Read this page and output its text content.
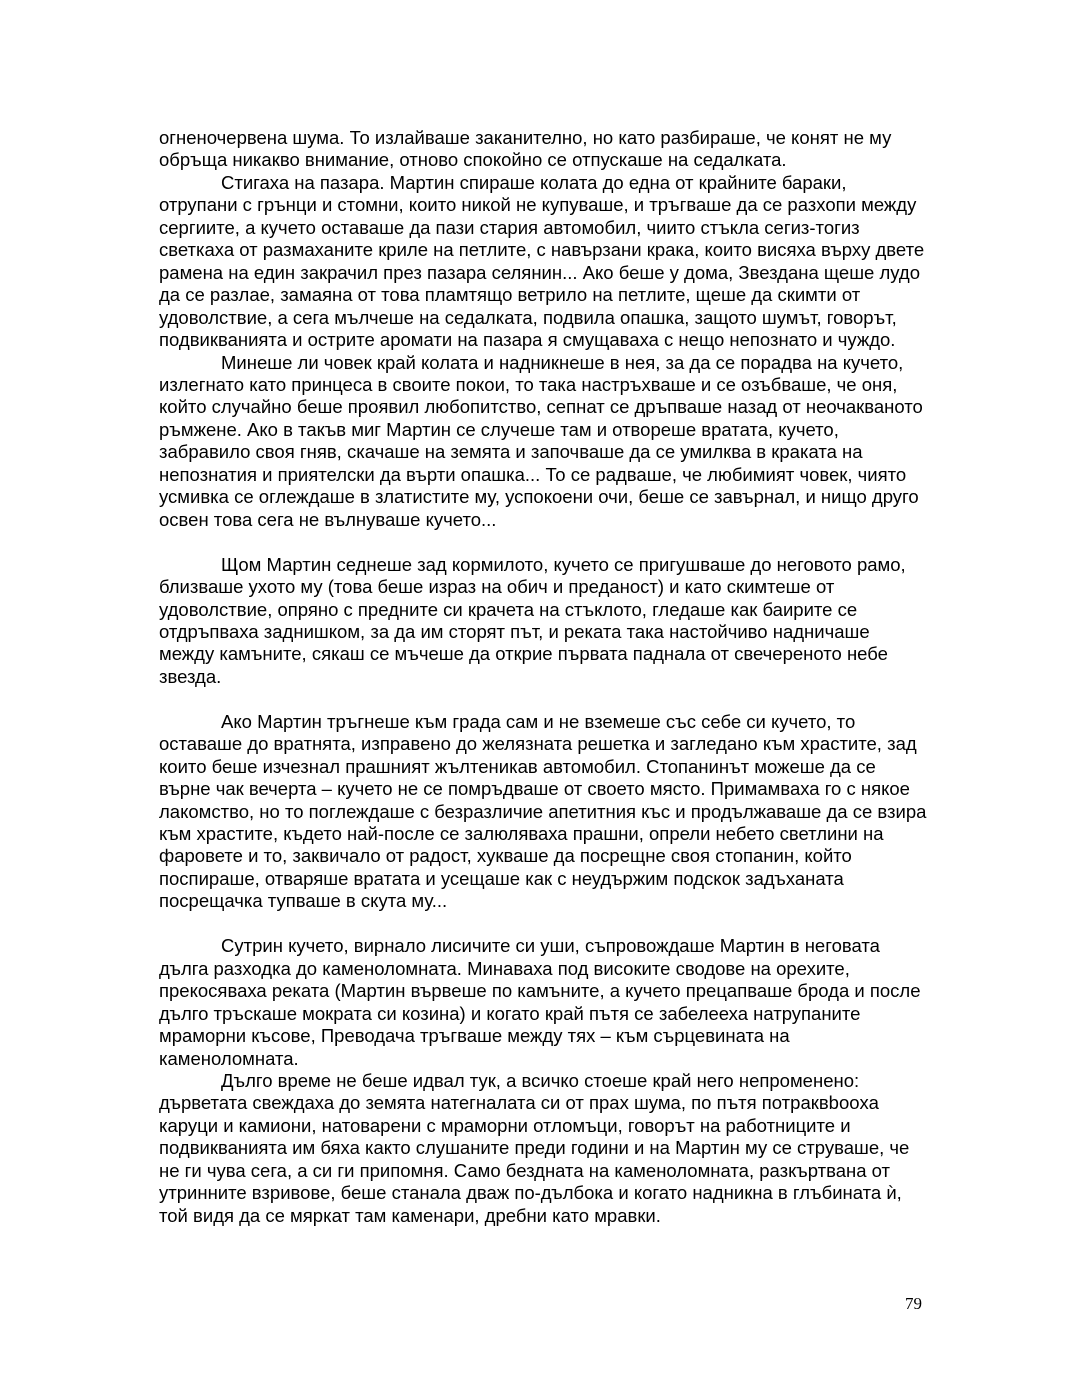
огненочервена шума. То излайваше заканително, но като разбираше, че конят не му обръща никакво внимание, отново спокойно се отпускаше на седалката.

Стигаха на пазара. Мартин спираше колата до една от крайните бараки, отрупани с грънци и стомни, които никой не купуваше, и тръгваше да се разхопи между сергиите, а кучето оставаше да пази стария автомобил, чиито стъкла сегиз-тогиз светкаха от размаханите криле на петлите, с навързани крака, които висяха върху двете рамена на един закрачил през пазара селянин... Ако беше у дома, Звездана щеше лудо да се разлае, замаяна от това пламтящо ветрило на петлите, щеше да скимти от удоволствие, а сега мълчеше на седалката, подвила опашка, защото шумът, говорът, подвикванията и острите аромати на пазара я смущаваха с нещо непознато и чуждо.

Минеше ли човек край колата и надникнеше в нея, за да се порадва на кучето, излегнато като принцеса в своите покои, то така настръхваше и се озъбваше, че оня, който случайно беше проявил любопитство, сепнат се дръпваше назад от неочакваното ръмжене. Ако в такъв миг Мартин се случеше там и отвореше вратата, кучето, забравило своя гняв, скачаше на земята и започваше да се умилква в краката на непознатия и приятелски да върти опашка... То се радваше, че любимият човек, чиято усмивка се оглеждаше в златистите му, успокоени очи, беше се завърнал, и нищо друго освен това сега не вълнуваше кучето...

Щом Мартин седнеше зад кормилото, кучето се пригушваше до неговото рамо, близваше ухото му (това беше израз на обич и преданост) и като скимтеше от удоволствие, опряно с предните си крачета на стъклото, гледаше как баирите се отдръпваха заднишком, за да им сторят път, и реката така настойчиво надничаше между камъните, сякаш се мъчеше да открие първата паднала от свечереното небе звезда.

Ако Мартин тръгнеше към града сам и не вземеше със себе си кучето, то оставаше до вратнята, изправено до желязната решетка и загледано към храстите, зад които беше изчезнал прашният жълтеникав автомобил. Стопанинът можеше да се върне чак вечерта – кучето не се помръдваше от своето място. Примамваха го с някое лакомство, но то поглеждаше с безразличие апетитния къс и продължаваше да се взира към храстите, където най-после се залюляваха прашни, опрели небето светлини на фаровете и то, заквичало от радост, хукваше да посрещне своя стопанин, който поспираше, отваряше вратата и усещаше как с неудържим подскок задъханата посрещачка тупваше в скута му...

Сутрин кучето, вирнало лисичите си уши, съпровождаше Мартин в неговата дълга разходка до каменоломната. Минаваха под високите сводове на орехите, прекосяваха реката (Мартин вървеше по камъните, а кучето прецапваше брода и после дълго тръскаше мократа си козина) и когато край пътя се забелееха натрупаните мраморни късове, Преводача тръгваше между тях – към сърцевината на каменоломната.

Дълго време не беше идвал тук, а всичко стоеше край него непроменено: дърветата свеждаха до земята натегналата си от прах шума, по пътя потраквbooха каруци и камиони, натоварени с мраморни отломъци, говорът на работниците и подвикванията им бяха както слушаните преди години и на Мартин му се струваше, че не ги чува сега, а си ги припомня. Само бездната на каменоломната, разкъртвана от утринните взривове, беше станала дваж по-дълбока и когато надникна в глъбината ѝ, той видя да се мяркат там каменари, дребни като мравки.

79
